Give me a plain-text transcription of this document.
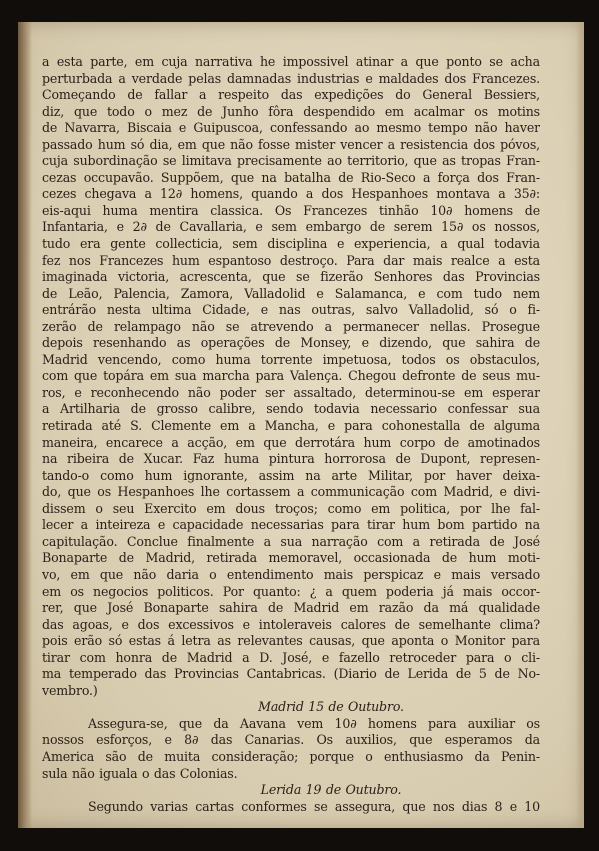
a esta parte, em cuja narrativa he impossivel atinar a que ponto se acha
perturbada a verdade pelas damnadas industrias e maldades dos Francezes.
Começando de fallar a respeito das expedições do General Bessiers,
diz, que todo o mez de Junho fôra despendido em acalmar os motins
de Navarra, Biscaia e Guipuscoa, confessando ao mesmo tempo não haver
passado hum só dia, em que não fosse mister vencer a resistencia dos póvos,
cuja subordinação se limitava precisamente ao territorio, que as tropas Fran-
cezas occupavão. Suppõem, que na batalha de Rio-Seco a força dos Fran-
cezes chegava a 12∂ homens, quando a dos Hespanhoes montava a 35∂:
eis-aqui huma mentira classica. Os Francezes tinhão 10∂ homens de
Infantaria, e 2∂ de Cavallaria, e sem embargo de serem 15∂ os nossos,
tudo era gente collecticia, sem disciplina e experiencia, a qual todavia
fez nos Francezes hum espantoso destroço. Para dar mais realce a esta
imaginada victoria, acrescenta, que se fizerão Senhores das Provincias
de Leão, Palencia, Zamora, Valladolid e Salamanca, e com tudo nem
entrárão nesta ultima Cidade, e nas outras, salvo Valladolid, só o fi-
zerão de relampago não se atrevendo a permanecer nellas. Prosegue
depois resenhando as operações de Monsey, e dizendo, que sahira de
Madrid vencendo, como huma torrente impetuosa, todos os obstaculos,
com que topára em sua marcha para Valença. Chegou defronte de seus mu-
ros, e reconhecendo não poder ser assaltado, determinou-se em esperar
a Artilharia de grosso calibre, sendo todavia necessario confessar sua
retirada até S. Clemente em a Mancha, e para cohonestalla de alguma
maneira, encarece a acção, em que derrotára hum corpo de amotinados
na ribeira de Xucar. Faz huma pintura horrorosa de Dupont, represen-
tando-o como hum ignorante, assim na arte Militar, por haver deixa-
do, que os Hespanhoes lhe cortassem a communicação com Madrid, e divi-
dissem o seu Exercito em dous troços; como em politica, por lhe fal-
lecer a inteireza e capacidade necessarias para tirar hum bom partido na
capitulação. Conclue finalmente a sua narração com a retirada de José
Bonaparte de Madrid, retirada memoravel, occasionada de hum moti-
vo, em que não daria o entendimento mais perspicaz e mais versado
em os negocios politicos. Por quanto: ¿ a quem poderia já mais occor-
rer, que José Bonaparte sahira de Madrid em razão da má qualidade
das agoas, e dos excessivos e intoleraveis calores de semelhante clima?
pois erão só estas á letra as relevantes causas, que aponta o Monitor para
tirar com honra de Madrid a D. José, e fazello retroceder para o cli-
ma temperado das Provincias Cantabricas. (Diario de Lerida de 5 de No-
vembro.)
Madrid 15 de Outubro.
Assegura-se, que da Aavana vem 10∂ homens para auxiliar os
nossos esforços, e 8∂ das Canarias. Os auxilios, que esperamos da
America são de muita consideração; porque o enthusiasmo da Penin-
sula não iguala o das Colonias.
Lerida 19 de Outubro.
Segundo varias cartas conformes se assegura, que nos dias 8 e 10
